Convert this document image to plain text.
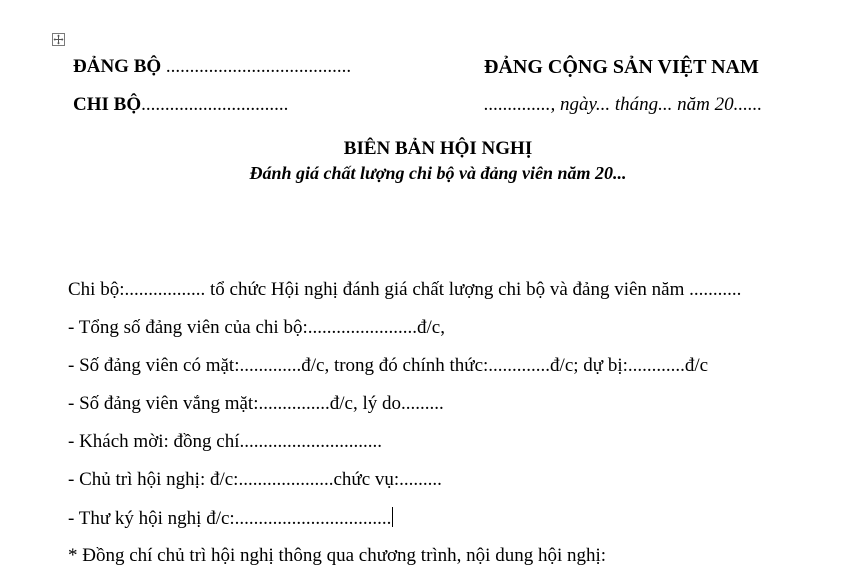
ĐẢNG BỘ .......................................	ĐẢNG CỘNG SẢN VIỆT NAM
CHI BỘ...............................	.............., ngày... tháng... năm 20......
BIÊN BẢN HỘI NGHỊ
Đánh giá chất lượng chi bộ và đảng viên năm 20...
Chi bộ:................. tổ chức Hội nghị đánh giá chất lượng chi bộ và đảng viên năm ...........
- Tổng số đảng viên của chi bộ:.......................đ/c,
- Số đảng viên có mặt:.............đ/c, trong đó chính thức:.............đ/c; dự bị:............đ/c
- Số đảng viên vắng mặt:...............đ/c, lý do.........
- Khách mời: đồng chí..............................
- Chủ trì hội nghị: đ/c:....................chức vụ:.........
- Thư ký hội nghị đ/c:.................................
* Đồng chí chủ trì hội nghị thông qua chương trình, nội dung hội nghị:
